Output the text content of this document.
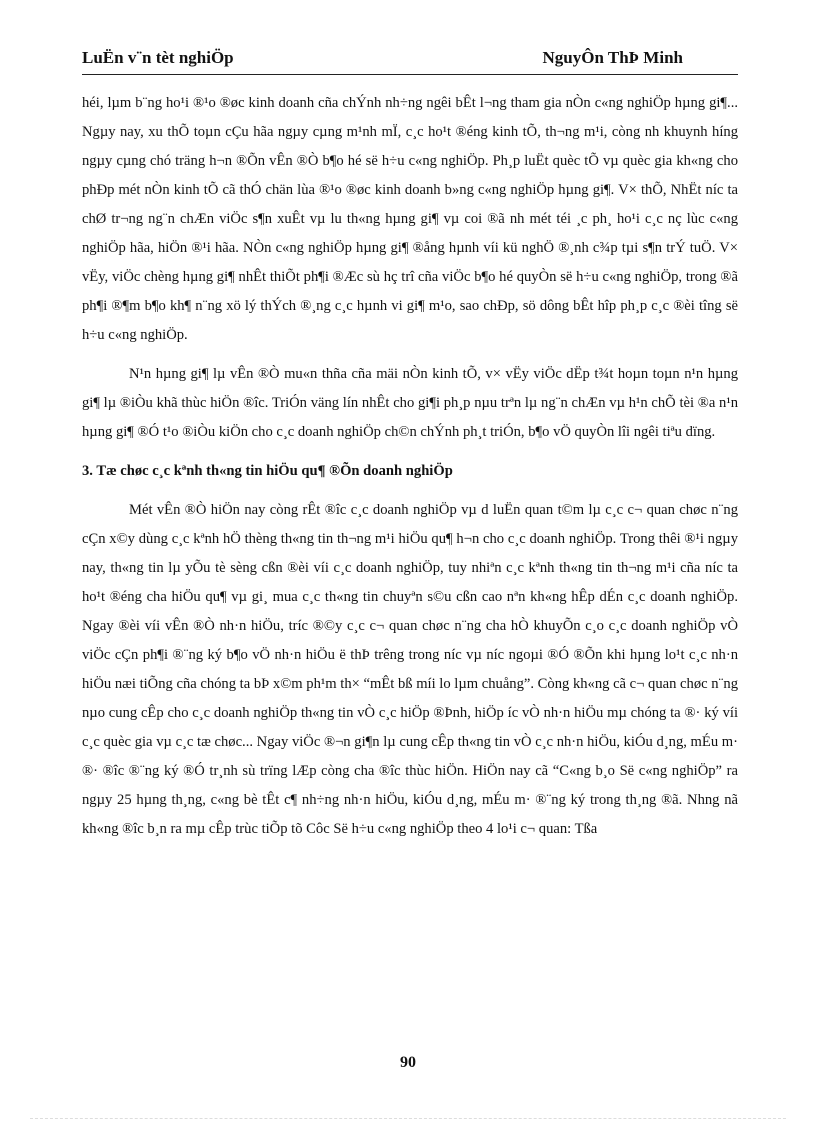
LuËn v¨n tèt nghiÖp	NguyÔn ThÞ Minh

héi, lµm b¨ng ho¹i ®¹o ®øc kinh doanh cña chÝnh nh÷ng ngêi bÊt l¬ng tham gia nÒn c«ng nghiÖp hµng gi¶... Ngµy nay, xu thÕ toµn cÇu hãa ngµy cµng m¹nh mÏ, c¸c ho¹t ®éng kinh tÕ, th¬ng m¹i, còng nh khuynh híng ngµy cµng chó träng h¬n ®Õn vÊn ®Ò b¶o hé së h÷u c«ng nghiÖp. Ph¸p luËt quèc tÕ vµ quèc gia kh«ng cho phÐp mét nÒn kinh tÕ cã thÓ chän lùa ®¹o ®øc kinh doanh b»ng c«ng nghiÖp hµng gi¶. V× thÕ, NhËt níc ta chØ tr¬ng ng¨n chÆn viÖc s¶n xuÊt vµ lu th«ng hµng gi¶ vµ coi ®ã nh mét téi ¸c ph¸ ho¹i c¸c nç lùc c«ng nghiÖp hãa, hiÖn ®¹i hãa. NÒn c«ng nghiÖp hµng gi¶ ®ång hµnh víi kü nghÖ ®¸nh c¾p tµi s¶n trÝ tuÖ. V× vËy, viÖc chèng hµng gi¶ nhÊt thiÕt ph¶i ®Æc sù hç trî cña viÖc b¶o hé quyÒn së h÷u c«ng nghiÖp, trong ®ã ph¶i ®¶m b¶o kh¶ n¨ng xö lý thÝch ®¸ng c¸c hµnh vi gi¶ m¹o, sao chÐp, sö dông bÊt hîp ph¸p c¸c ®èi tîng së h÷u c«ng nghiÖp.

N¹n hµng gi¶ lµ vÊn ®Ò mu«n thña cña mäi nÒn kinh tÕ, v× vËy viÖc dËp t¾t hoµn toµn n¹n hµng gi¶ lµ ®iÒu khã thùc hiÖn ®îc. TriÓn väng lín nhÊt cho gi¶i ph¸p nµu trªn lµ ng¨n chÆn vµ h¹n chÕ tèi ®a n¹n hµng gi¶ ®Ó t¹o ®iÒu kiÖn cho c¸c doanh nghiÖp ch©n chÝnh ph¸t triÓn, b¶o vÖ quyÒn lîi ngêi tiªu dïng.

3. Tæ chøc c¸c kªnh th«ng tin hiÖu qu¶ ®Õn doanh nghiÖp

Mét vÊn ®Ò hiÖn nay còng rÊt ®îc c¸c doanh nghiÖp vµ d luËn quan t©m lµ c¸c c¬ quan chøc n¨ng cÇn x©y dùng c¸c kªnh hÖ thèng th«ng tin th¬ng m¹i hiÖu qu¶ h¬n cho c¸c doanh nghiÖp. Trong thêi ®¹i ngµy nay, th«ng tin lµ yÕu tè sèng cßn ®èi víi c¸c doanh nghiÖp, tuy nhiªn c¸c kªnh th«ng tin th¬ng m¹i cña níc ta ho¹t ®éng cha hiÖu qu¶ vµ gi¸ mua c¸c th«ng tin chuyªn s©u cßn cao nªn kh«ng hÊp dÉn c¸c doanh nghiÖp. Ngay ®èi víi vÊn ®Ò nh·n hiÖu, tríc ®©y c¸c c¬ quan chøc n¨ng cha hÒ khuyÕn c¸o c¸c doanh nghiÖp vÒ viÖc cÇn ph¶i ®¨ng ký b¶o vÖ nh·n hiÖu ë thÞ trêng trong níc vµ níc ngoµi ®Ó ®Õn khi hµng lo¹t c¸c nh·n hiÖu næi tiÕng cña chóng ta bÞ x©m ph¹m th× “mÊt bß míi lo lµm chuång”. Còng kh«ng cã c¬ quan chøc n¨ng nµo cung cÊp cho c¸c doanh nghiÖp th«ng tin vÒ c¸c hiÖp ®Þnh, hiÖp íc vÒ nh·n hiÖu mµ chóng ta ®· ký víi c¸c quèc gia vµ c¸c tæ chøc... Ngay viÖc ®¬n gi¶n lµ cung cÊp th«ng tin vÒ c¸c nh·n hiÖu, kiÓu d¸ng, mÉu m· ®· ®îc ®¨ng ký ®Ó tr¸nh sù trïng lÆp còng cha ®îc thùc hiÖn. HiÖn nay cã “C«ng b¸o Së c«ng nghiÖp” ra ngµy 25 hµng th¸ng, c«ng bè tÊt c¶ nh÷ng nh·n hiÖu, kiÓu d¸ng, mÉu m· ®¨ng ký trong th¸ng ®ã. Nhng nã kh«ng ®îc b¸n ra mµ cÊp trùc tiÕp tõ Côc Së h÷u c«ng nghiÖp theo 4 lo¹i c¬ quan: Tßa

90
